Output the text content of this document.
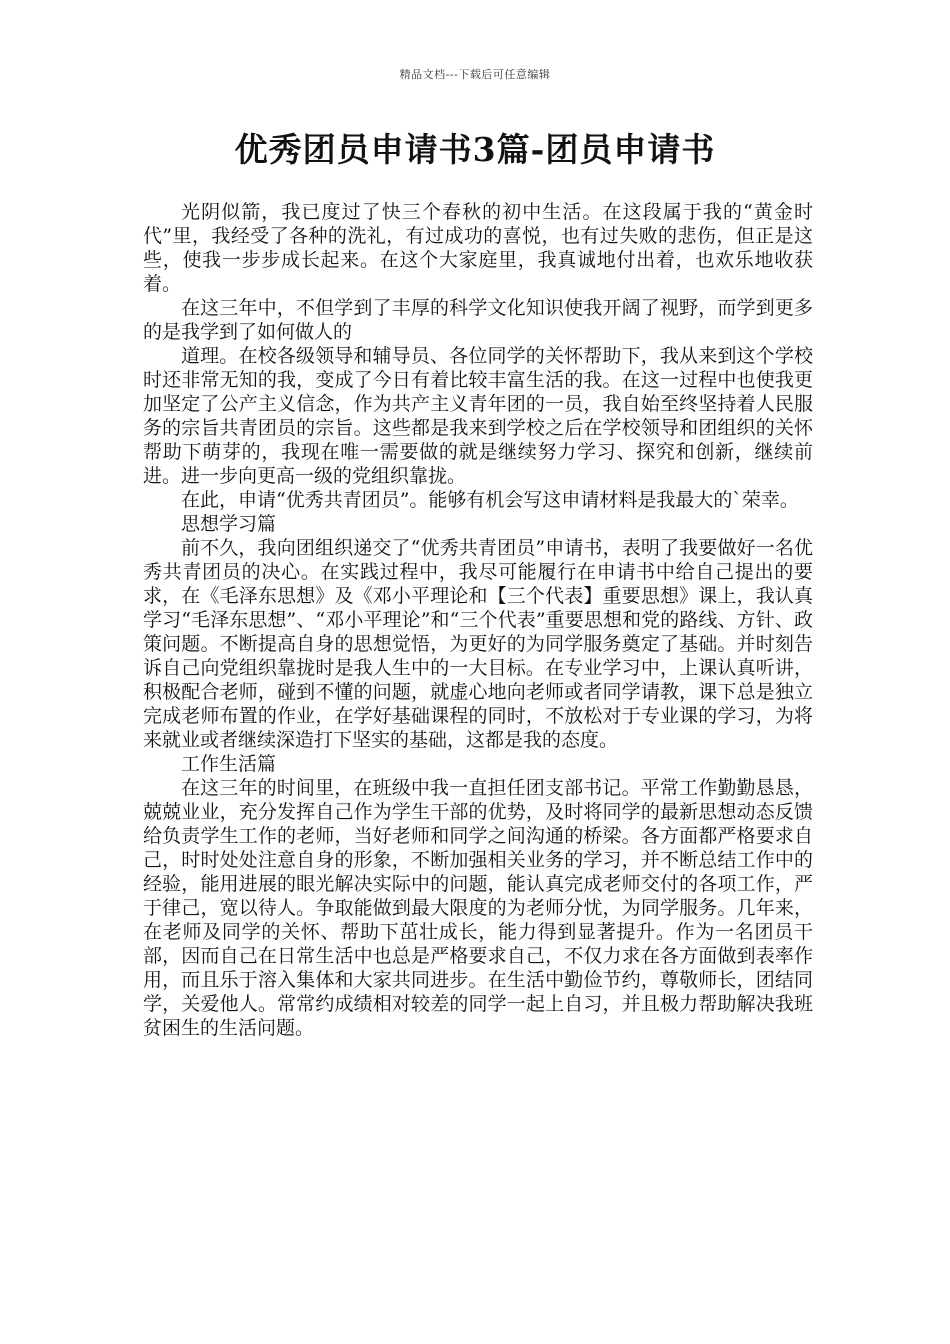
精品文档---下载后可任意编辑
优秀团员申请书3篇-团员申请书

光阴似箭，我已度过了快三个春秋的初中生活。在这段属于我的“黄金时代”里，我经受了各种的洗礼，有过成功的喜悦，也有过失败的悲伤，但正是这些，使我一步步成长起来。在这个大家庭里，我真诚地付出着，也欢乐地收获着。

在这三年中，不但学到了丰厚的科学文化知识使我开阔了视野，而学到更多的是我学到了如何做人的

道理。在校各级领导和辅导员、各位同学的关怀帮助下，我从来到这个学校时还非常无知的我，变成了今日有着比较丰富生活的我。在这一过程中也使我更加坚定了公产主义信念，作为共产主义青年团的一员，我自始至终坚持着人民服务的宗旨共青团员的宗旨。这些都是我来到学校之后在学校领导和团组织的关怀帮助下萌芽的，我现在唯一需要做的就是继续努力学习、探究和创新，继续前进。进一步向更高一级的党组织靠拢。

在此，申请“优秀共青团员”。能够有机会写这申请材料是我最大的`荣幸。

思想学习篇

前不久，我向团组织递交了“优秀共青团员”申请书，表明了我要做好一名优秀共青团员的决心。在实践过程中，我尽可能履行在申请书中给自己提出的要求，在《毛泽东思想》及《邓小平理论和【三个代表】重要思想》课上，我认真学习“毛泽东思想”、“邓小平理论”和“三个代表”重要思想和党的路线、方针、政策问题。不断提高自身的思想觉悟，为更好的为同学服务奠定了基础。并时刻告诉自己向党组织靠拢时是我人生中的一大目标。在专业学习中，上课认真听讲，积极配合老师，碰到不懂的问题，就虚心地向老师或者同学请教，课下总是独立完成老师布置的作业，在学好基础课程的同时，不放松对于专业课的学习，为将来就业或者继续深造打下坚实的基础，这都是我的态度。

工作生活篇

在这三年的时间里，在班级中我一直担任团支部书记。平常工作勤勤恳恳，兢兢业业，充分发挥自己作为学生干部的优势，及时将同学的最新思想动态反馈给负责学生工作的老师，当好老师和同学之间沟通的桥梁。各方面都严格要求自己，时时处处注意自身的形象，不断加强相关业务的学习，并不断总结工作中的经验，能用进展的眼光解决实际中的问题，能认真完成老师交付的各项工作，严于律己，宽以待人。争取能做到最大限度的为老师分忧，为同学服务。几年来，在老师及同学的关怀、帮助下茁壮成长，能力得到显著提升。作为一名团员干部，因而自己在日常生活中也总是严格要求自己，不仅力求在各方面做到表率作用，而且乐于溶入集体和大家共同进步。在生活中勤俭节约，尊敬师长，团结同学，关爱他人。常常约成绩相对较差的同学一起上自习，并且极力帮助解决我班贫困生的生活问题。
